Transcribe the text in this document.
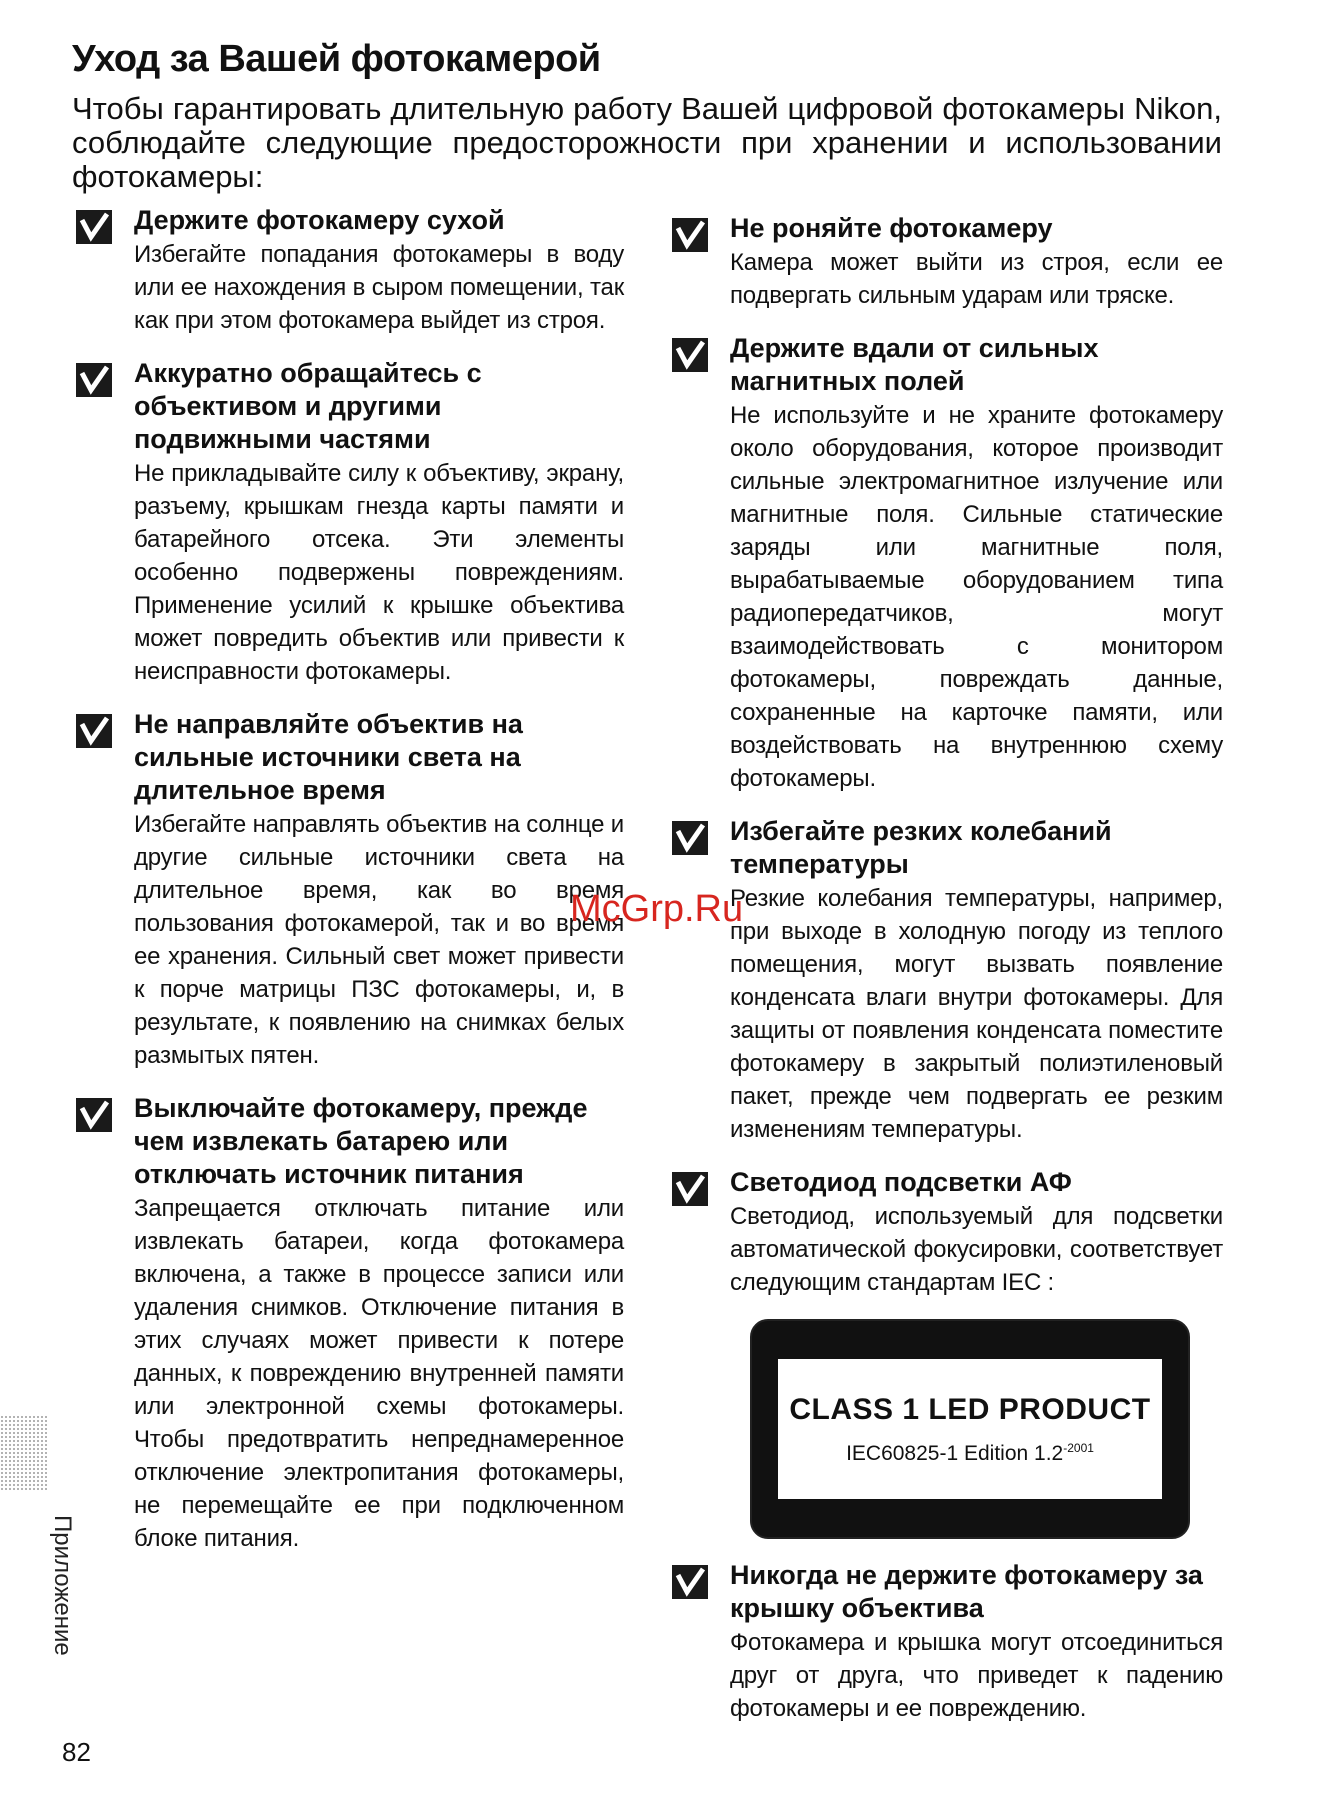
Уход за Вашей фотокамерой

Чтобы гарантировать длительную работу Вашей цифровой фотокамеры Nikon, соблюдайте следующие предосторожности при хранении и использовании фотокамеры:

Держите фотокамеру сухой

Избегайте попадания фотокамеры в воду или ее нахождения в сыром помещении, так как при этом фотокамера выйдет из строя.

Аккуратно обращайтесь с объективом и другими подвижными частями

Не прикладывайте силу к объективу, экрану, разъему, крышкам гнезда карты памяти и батарейного отсека. Эти элементы особенно подвержены повреждениям. Применение усилий к крышке объектива может повредить объектив или привести к неисправности фотокамеры.

Не направляйте объектив на сильные источники света на длительное время

Избегайте направлять объектив на солнце и другие сильные источники света на длительное время, как во время пользования фотокамерой, так и во время ее хранения. Сильный свет может привести к порче матрицы ПЗС фотокамеры, и, в результате, к появлению на снимках белых размытых пятен.

Выключайте фотокамеру, прежде чем извлекать батарею или отключать источник питания

Запрещается отключать питание или извлекать батареи, когда фотокамера включена, а также в процессе записи или удаления снимков. Отключение питания в этих случаях может привести к потере данных, к повреждению внутренней памяти или электронной схемы фотокамеры. Чтобы предотвратить непреднамеренное отключение электропитания фотокамеры, не перемещайте ее при подключенном блоке питания.

Не роняйте фотокамеру

Камера может выйти из строя, если ее подвергать сильным ударам или тряске.

Держите вдали от сильных магнитных полей

Не используйте и не храните фотокамеру около оборудования, которое производит сильные электромагнитное излучение или магнитные поля. Сильные статические заряды или магнитные поля, вырабатываемые оборудованием типа радиопередатчиков, могут взаимодействовать с монитором фотокамеры, повреждать данные, сохраненные на карточке памяти, или воздействовать на внутреннюю схему фотокамеры.

Избегайте резких колебаний температуры

Резкие колебания температуры, например, при выходе в холодную погоду из теплого помещения, могут вызвать появление конденсата влаги внутри фотокамеры. Для защиты от появления конденсата поместите фотокамеру в закрытый полиэтиленовый пакет, прежде чем подвергать ее резким изменениям температуры.

Светодиод подсветки АФ

Светодиод, используемый для подсветки автоматической фокусировки, соответствует следующим стандартам IEC :

CLASS 1 LED PRODUCT
IEC60825-1 Edition $1.2^{-2001}$
Никогда не держите фотокамеру за крышку объектива

Фотокамера и крышка могут отсоединиться друг от друга, что приведет к падению фотокамеры и ее повреждению.

Приложение
82
McGrp.Ru
